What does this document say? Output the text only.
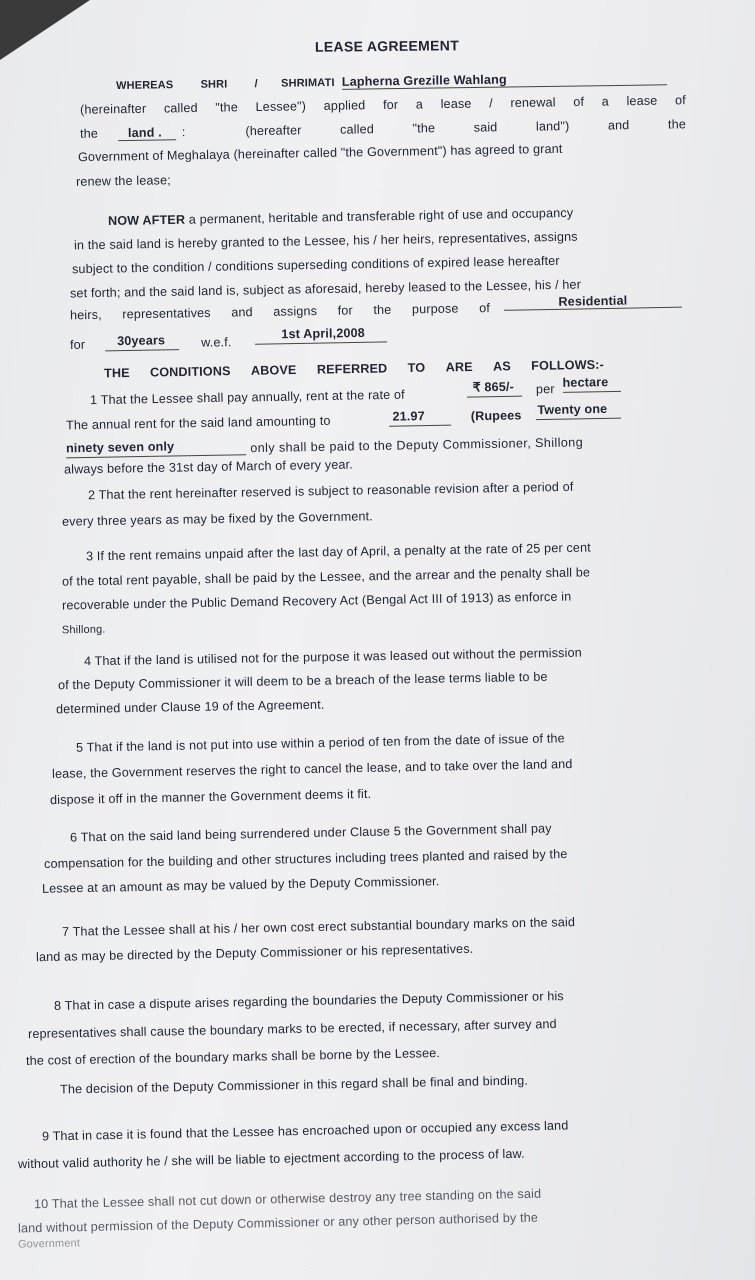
LEASE AGREEMENT
WHEREAS SHRI / SHRIMATI Lapherna Grezille Wahlang
(hereinafter called "the Lessee") applied for a lease / renewal of a lease of
the	land .	:	(hereafter	called	"the	said	land")	and	the
Government of Meghalaya (hereinafter called "the Government") has agreed to grant
renew the lease;
NOW AFTER a permanent, heritable and transferable right of use and occupancy
in the said land is hereby granted to the Lessee, his / her heirs, representatives, assigns
subject to the condition / conditions superseding conditions of expired lease hereafter
set forth; and the said land is, subject as aforesaid, hereby leased to the Lessee, his / her
heirs, representatives and assigns for the purpose of	Residential
for	30years	w.e.f.
1st April,2008
THE CONDITIONS ABOVE REFERRED TO ARE AS FOLLOWS:-
1 That the Lessee shall pay annually, rent at the rate of
₹ 865/-	per hectare
The annual rent for the said land amounting to	21.97	(Rupees Twenty one
ninety seven only	only shall be paid to the Deputy Commissioner, Shillong
always before the 31st day of March of every year.
2 That the rent hereinafter reserved is subject to reasonable revision after a period of
every three years as may be fixed by the Government.
3 If the rent remains unpaid after the last day of April, a penalty at the rate of 25 per cent
of the total rent payable, shall be paid by the Lessee, and the arrear and the penalty shall be
recoverable under the Public Demand Recovery Act (Bengal Act III of 1913) as enforce in
Shillong.
4 That if the land is utilised not for the purpose it was leased out without the permission
of the Deputy Commissioner it will deem to be a breach of the lease terms liable to be
determined under Clause 19 of the Agreement.
5 That if the land is not put into use within a period of ten from the date of issue of the
lease, the Government reserves the right to cancel the lease, and to take over the land and
dispose it off in the manner the Government deems it fit.
6 That on the said land being surrendered under Clause 5 the Government shall pay
compensation for the building and other structures including trees planted and raised by the
Lessee at an amount as may be valued by the Deputy Commissioner.
7 That the Lessee shall at his / her own cost erect substantial boundary marks on the said
land as may be directed by the Deputy Commissioner or his representatives.
8 That in case a dispute arises regarding the boundaries the Deputy Commissioner or his
representatives shall cause the boundary marks to be erected, if necessary, after survey and
the cost of erection of the boundary marks shall be borne by the Lessee.
The decision of the Deputy Commissioner in this regard shall be final and binding.
9 That in case it is found that the Lessee has encroached upon or occupied any excess land
without valid authority he / she will be liable to ejectment according to the process of law.
10 That the Lessee shall not cut down or otherwise destroy any tree standing on the said
land without permission of the Deputy Commissioner or any other person authorised by the
Government
